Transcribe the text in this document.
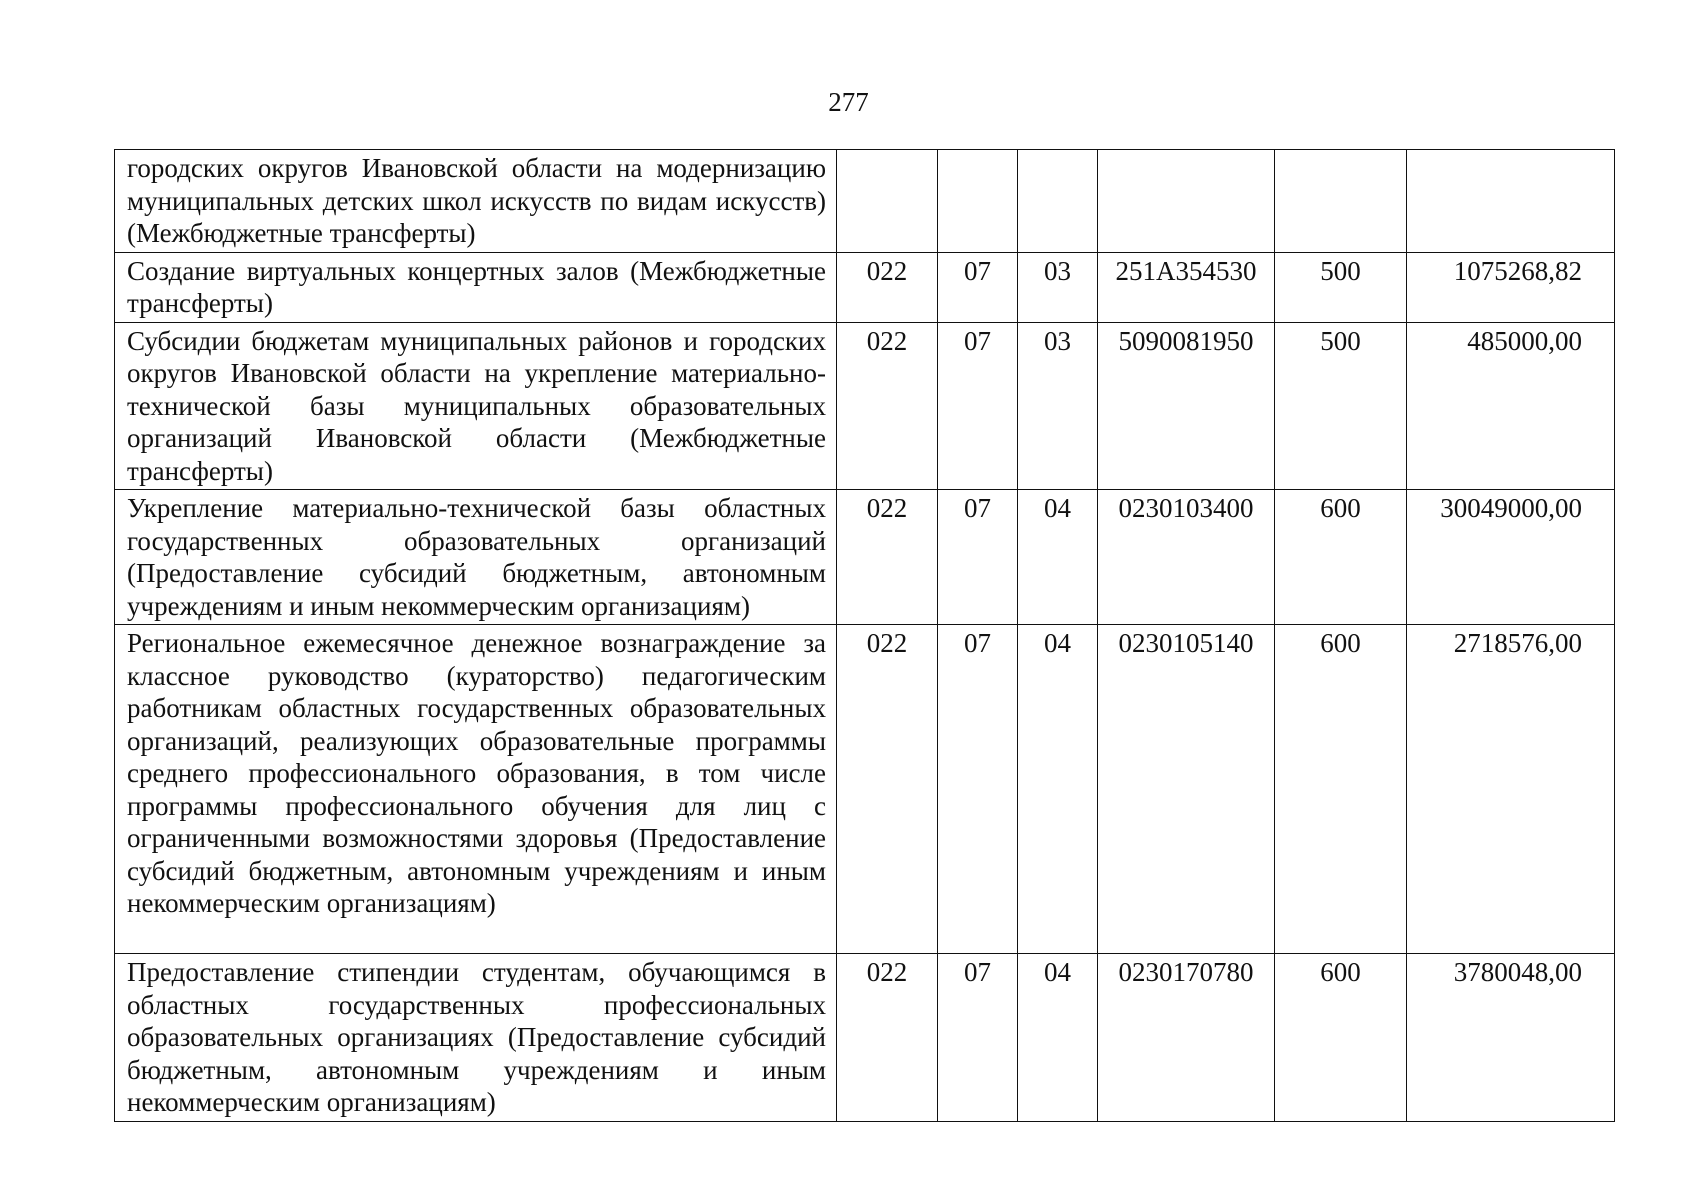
277
городских округов Ивановской области на модернизацию муниципальных детских школ искусств по видам искусств) (Межбюджетные трансферты)						
Создание виртуальных концертных залов (Межбюджетные трансферты)	022	07	03	251A354530	500	1075268,82
Субсидии бюджетам муниципальных районов и городских округов Ивановской области на укрепление материально-технической базы муниципальных образовательных организаций Ивановской области (Межбюджетные трансферты)	022	07	03	5090081950	500	485000,00
Укрепление материально-технической базы областных государственных образовательных организаций (Предоставление субсидий бюджетным, автономным учреждениям и иным некоммерческим организациям)	022	07	04	0230103400	600	30049000,00
Региональное ежемесячное денежное вознаграждение за классное руководство (кураторство) педагогическим работникам областных государственных образовательных организаций, реализующих образовательные программы среднего профессионального образования, в том числе программы профессионального обучения для лиц с ограниченными возможностями здоровья (Предоставление субсидий бюджетным, автономным учреждениям и иным некоммерческим организациям)	022	07	04	0230105140	600	2718576,00
Предоставление стипендии студентам, обучающимся в областных государственных профессиональных образовательных организациях (Предоставление субсидий бюджетным, автономным учреждениям и иным некоммерческим организациям)	022	07	04	0230170780	600	3780048,00
